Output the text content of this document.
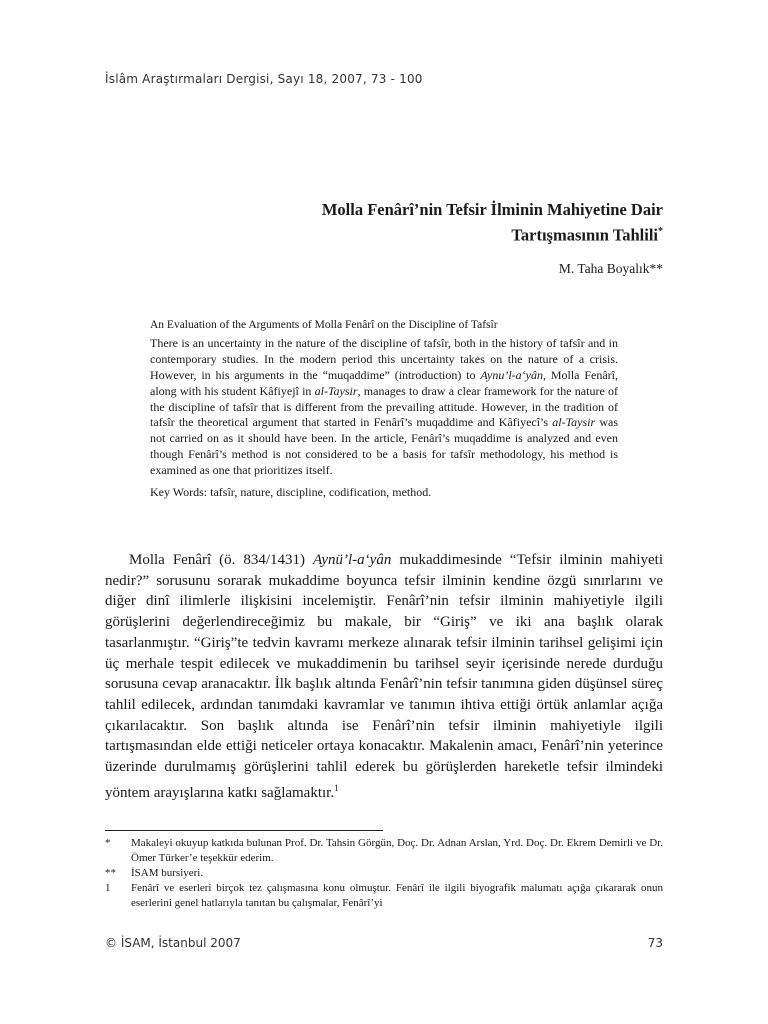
İslâm Araştırmaları Dergisi, Sayı 18, 2007, 73 - 100
Molla Fenârî’nin Tefsir İlminin Mahiyetine Dair
Tartışmasının Tahlili*
M. Taha Boyalık**
An Evaluation of the Arguments of Molla Fenârî on the Discipline of Tafsîr
There is an uncertainty in the nature of the discipline of tafsîr, both in the history of tafsîr and in contemporary studies. In the modern period this uncertainty takes on the nature of a crisis. However, in his arguments in the “muqaddime” (introduction) to Aynu’l-a‘yân, Molla Fenârî, along with his student Kâfiyejî in al-Taysir, manages to draw a clear framework for the nature of the discipline of tafsîr that is different from the prevailing attitude. However, in the tradition of tafsîr the theoretical argument that started in Fenârî’s muqaddime and Kâfiyecî’s al-Taysir was not carried on as it should have been. In the article, Fenârî’s muqaddime is analyzed and even though Fenârî’s method is not considered to be a basis for tafsîr methodology, his method is examined as one that prioritizes itself.
Key Words: tafsîr, nature, discipline, codification, method.

Molla Fenârî (ö. 834/1431) Aynü’l-a‘yân mukaddimesinde “Tefsir ilminin mahiyeti nedir?” sorusunu sorarak mukaddime boyunca tefsir ilminin kendine özgü sınırlarını ve diğer dinî ilimlerle ilişkisini incelemiştir. Fenârî’nin tefsir ilminin mahiyetiyle ilgili görüşlerini değerlendireceğimiz bu makale, bir “Giriş” ve iki ana başlık olarak tasarlanmıştır. “Giriş”te tedvin kavramı merkeze alınarak tefsir ilminin tarihsel gelişimi için üç merhale tespit edilecek ve mukaddimenin bu tarihsel seyir içerisinde nerede durduğu sorusuna cevap aranacaktır. İlk başlık altında Fenârî’nin tefsir tanımına giden düşünsel süreç tahlil edilecek, ardından tanımdaki kavramlar ve tanımın ihtiva ettiği örtük anlamlar açığa çıkarılacaktır. Son başlık altında ise Fenârî’nin tefsir ilminin mahiyetiyle ilgili tartışmasından elde ettiği neticeler ortaya konacaktır. Makalenin amacı, Fenârî’nin yeterince üzerinde durulmamış görüşlerini tahlil ederek bu görüşlerden hareketle tefsir ilmindeki yöntem arayışlarına katkı sağlamaktır.$^1$

*	Makaleyi okuyup katkıda bulunan Prof. Dr. Tahsin Görgün, Doç. Dr. Adnan Arslan, Yrd. Doç. Dr. Ekrem Demirli ve Dr. Ömer Türker’e teşekkür ederim.
**	İSAM bursiyeri.
1	Fenârî ve eserleri birçok tez çalışmasına konu olmuştur. Fenârî ile ilgili biyografik malumatı açığa çıkararak onun eserlerini genel hatlarıyla tanıtan bu çalışmalar, Fenârî’yi
© İSAM, İstanbul 2007	73
